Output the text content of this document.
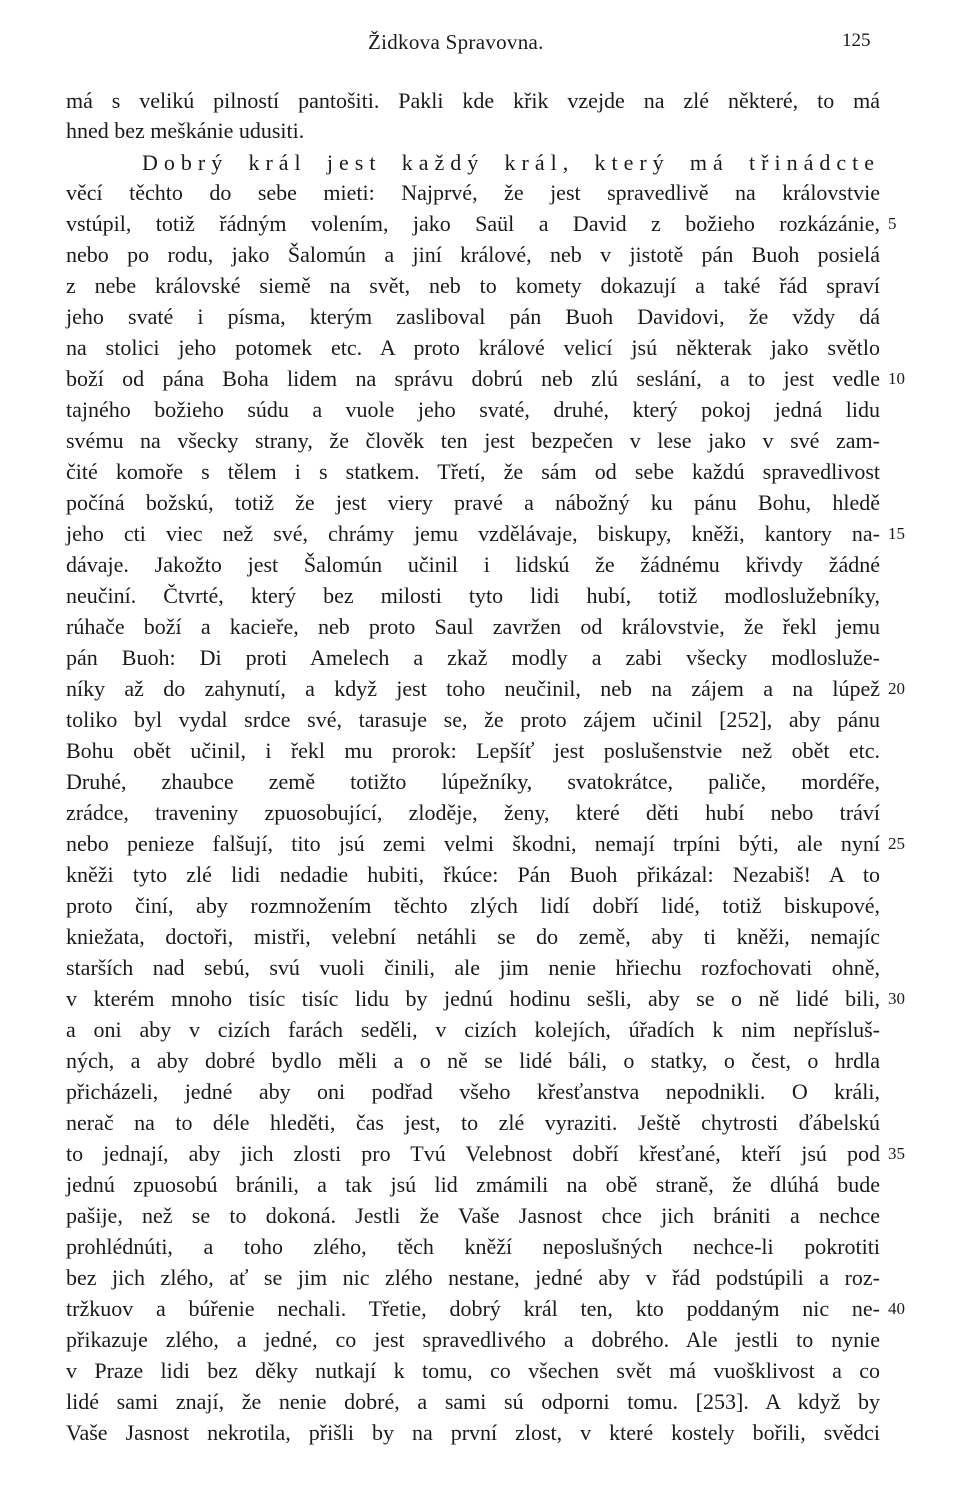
Židkova Spravovna.	125
má s velikú pilností pantošiti. Pakli kde křik vzejde na zlé některé, to má
hned bez meškánie udusiti.
Dobrý král jest každý král, který má třinádcte
věcí těchto do sebe mieti: Najprvé, že jest spravedlivě na královstvie
vstúpil, totiž řádným volením, jako Saül a David z božieho rozkázánie,
nebo po rodu, jako Šalomún a jiní králové, neb v jistotě pán Buoh posielá
z nebe královské siemě na svět, neb to komety dokazují a také řád spraví
jeho svaté i písma, kterým zasliboval pán Buoh Davidovi, že vždy dá
na stolici jeho potomek etc. A proto králové velicí jsú některak jako světlo
boží od pána Boha lidem na správu dobrú neb zlú seslání, a to jest vedle
tajného božieho súdu a vuole jeho svaté, druhé, který pokoj jedná lidu
svému na všecky strany, že člověk ten jest bezpečen v lese jako v své zam-
čité komoře s tělem i s statkem. Třetí, že sám od sebe každú spravedlivost
počíná božskú, totiž že jest viery pravé a nábožný ku pánu Bohu, hledě
jeho cti viec než své, chrámy jemu vzdělávaje, biskupy, kněži, kantory na-
dávaje. Jakožto jest Šalomún učinil i lidskú že žádnému křivdy žádné
neučiní. Čtvrté, který bez milosti tyto lidi hubí, totiž modloslužebníky,
rúhače boží a kacieře, neb proto Saul zavržen od královstvie, že řekl jemu
pán Buoh: Di proti Amelech a zkaž modly a zabi všecky modlosluže-
níky až do zahynutí, a když jest toho neučinil, neb na zájem a na lúpež
toliko byl vydal srdce své, tarasuje se, že proto zájem učinil [252], aby pánu
Bohu obět učinil, i řekl mu prorok: Lepšíť jest poslušenstvie než obět etc.
Druhé, zhaubce země totižto lúpežníky, svatokrátce, paliče, mordéře,
zrádce, traveniny zpuosobující, zloděje, ženy, které děti hubí nebo tráví
nebo penieze falšují, tito jsú zemi velmi škodni, nemají trpíni býti, ale nyní
kněži tyto zlé lidi nedadie hubiti, řkúce: Pán Buoh přikázal: Nezabiš! A to
proto činí, aby rozmnožením těchto zlých lidí dobří lidé, totiž biskupové,
kniežata, doctoři, mistři, velební netáhli se do země, aby ti kněži, nemajíc
starších nad sebú, svú vuoli činili, ale jim nenie hřiechu rozfochovati ohně,
v kterém mnoho tisíc tisíc lidu by jednú hodinu sešli, aby se o ně lidé bili,
a oni aby v cizích farách seděli, v cizích kolejích, úřadích k nim nepřísluš-
ných, a aby dobré bydlo měli a o ně se lidé báli, o statky, o čest, o hrdla
přicházeli, jedné aby oni podřad všeho křesťanstva nepodnikli. O králi,
nerač na to déle hleděti, čas jest, to zlé vyraziti. Ještě chytrosti ďábelskú
to jednají, aby jich zlosti pro Tvú Velebnost dobří křesťané, kteří jsú pod
jednú zpuosobú bránili, a tak jsú lid zmámili na obě straně, že dlúhá bude
pašije, než se to dokoná. Jestli že Vaše Jasnost chce jich brániti a nechce
prohlédnúti, a toho zlého, těch kněží neposlušných nechce-li pokrotiti
bez jich zlého, ať se jim nic zlého nestane, jedné aby v řád podstúpili a roz-
tržkuov a búřenie nechali. Třetie, dobrý král ten, kto poddaným nic ne-
přikazuje zlého, a jedné, co jest spravedlivého a dobrého. Ale jestli to nynie
v Praze lidi bez děky nutkají k tomu, co všechen svět má vuošklivost a co
lidé sami znají, že nenie dobré, a sami sú odporni tomu. [253]. A když by
Vaše Jasnost nekrotila, přišli by na první zlost, v které kostely bořili, svědci
5
10
15
20
25
30
35
40
